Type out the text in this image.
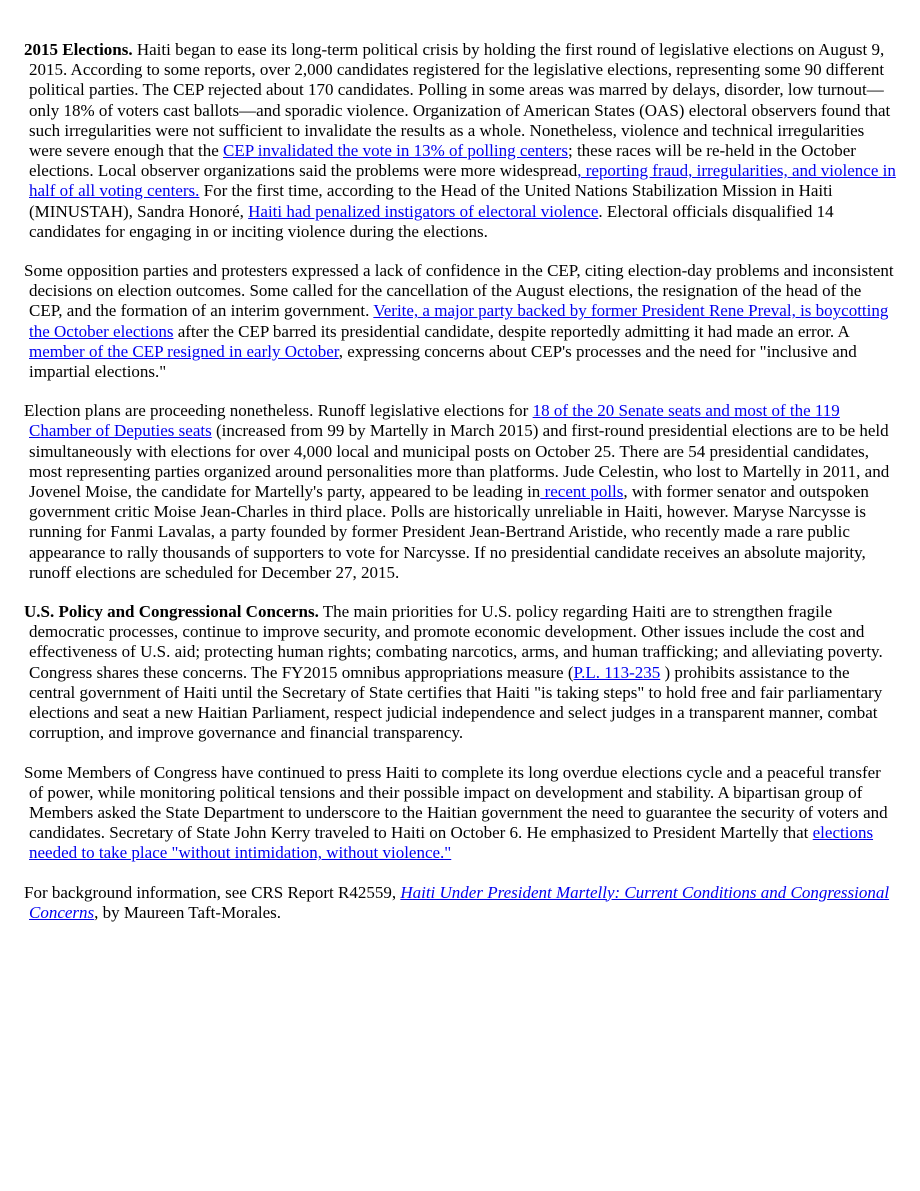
2015 Elections. Haiti began to ease its long-term political crisis by holding the first round of legislative elections on August 9, 2015. According to some reports, over 2,000 candidates registered for the legislative elections, representing some 90 different political parties. The CEP rejected about 170 candidates. Polling in some areas was marred by delays, disorder, low turnout—only 18% of voters cast ballots—and sporadic violence. Organization of American States (OAS) electoral observers found that such irregularities were not sufficient to invalidate the results as a whole. Nonetheless, violence and technical irregularities were severe enough that the CEP invalidated the vote in 13% of polling centers; these races will be re-held in the October elections. Local observer organizations said the problems were more widespread, reporting fraud, irregularities, and violence in half of all voting centers. For the first time, according to the Head of the United Nations Stabilization Mission in Haiti (MINUSTAH), Sandra Honoré, Haiti had penalized instigators of electoral violence. Electoral officials disqualified 14 candidates for engaging in or inciting violence during the elections.

Some opposition parties and protesters expressed a lack of confidence in the CEP, citing election-day problems and inconsistent decisions on election outcomes. Some called for the cancellation of the August elections, the resignation of the head of the CEP, and the formation of an interim government. Verite, a major party backed by former President Rene Preval, is boycotting the October elections after the CEP barred its presidential candidate, despite reportedly admitting it had made an error. A member of the CEP resigned in early October, expressing concerns about CEP's processes and the need for "inclusive and impartial elections."

Election plans are proceeding nonetheless. Runoff legislative elections for 18 of the 20 Senate seats and most of the 119 Chamber of Deputies seats (increased from 99 by Martelly in March 2015) and first-round presidential elections are to be held simultaneously with elections for over 4,000 local and municipal posts on October 25. There are 54 presidential candidates, most representing parties organized around personalities more than platforms. Jude Celestin, who lost to Martelly in 2011, and Jovenel Moise, the candidate for Martelly's party, appeared to be leading in recent polls, with former senator and outspoken government critic Moise Jean-Charles in third place. Polls are historically unreliable in Haiti, however. Maryse Narcysse is running for Fanmi Lavalas, a party founded by former President Jean-Bertrand Aristide, who recently made a rare public appearance to rally thousands of supporters to vote for Narcysse. If no presidential candidate receives an absolute majority, runoff elections are scheduled for December 27, 2015.

U.S. Policy and Congressional Concerns. The main priorities for U.S. policy regarding Haiti are to strengthen fragile democratic processes, continue to improve security, and promote economic development. Other issues include the cost and effectiveness of U.S. aid; protecting human rights; combating narcotics, arms, and human trafficking; and alleviating poverty. Congress shares these concerns. The FY2015 omnibus appropriations measure (P.L. 113-235 ) prohibits assistance to the central government of Haiti until the Secretary of State certifies that Haiti "is taking steps" to hold free and fair parliamentary elections and seat a new Haitian Parliament, respect judicial independence and select judges in a transparent manner, combat corruption, and improve governance and financial transparency.

Some Members of Congress have continued to press Haiti to complete its long overdue elections cycle and a peaceful transfer of power, while monitoring political tensions and their possible impact on development and stability. A bipartisan group of Members asked the State Department to underscore to the Haitian government the need to guarantee the security of voters and candidates. Secretary of State John Kerry traveled to Haiti on October 6. He emphasized to President Martelly that elections needed to take place "without intimidation, without violence."

For background information, see CRS Report R42559, Haiti Under President Martelly: Current Conditions and Congressional Concerns, by Maureen Taft-Morales.
